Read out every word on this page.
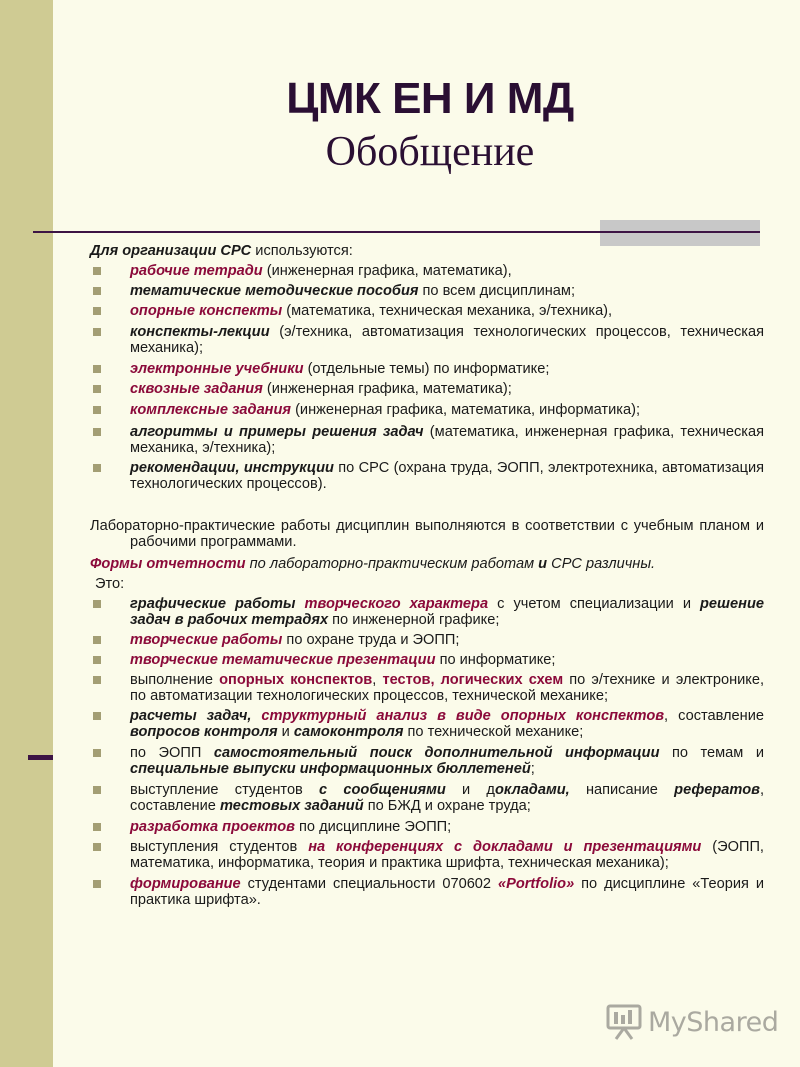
ЦМК ЕН И МД
Обобщение

Для организации СРС используются:

рабочие тетради (инженерная графика, математика),

тематические методические пособия по всем дисциплинам;

опорные конспекты (математика, техническая механика, э/техника),

конспекты-лекции (э/техника, автоматизация технологических процессов, техническая механика);

электронные учебники (отдельные темы) по информатике;

сквозные задания (инженерная графика, математика);

комплексные задания (инженерная графика, математика, информатика);

алгоритмы и примеры решения задач (математика, инженерная графика, техническая механика, э/техника);

рекомендации, инструкции по СРС (охрана труда, ЭОПП, электротехника, автоматизация технологических процессов).

Лабораторно-практические работы дисциплин выполняются в соответствии с учебным планом и рабочими программами.

Формы отчетности по лабораторно-практическим работам и СРС различны.

Это:

графические работы творческого характера с учетом специализации и решение задач в рабочих тетрадях по инженерной графике;

творческие работы по охране труда и ЭОПП;

творческие тематические презентации по информатике;

выполнение опорных конспектов, тестов, логических схем по э/технике и электронике, по автоматизации технологических процессов, технической механике;

расчеты задач, структурный анализ в виде опорных конспектов, составление вопросов контроля и самоконтроля по технической механике;

по ЭОПП самостоятельный поиск дополнительной информации по темам и специальные выпуски информационных бюллетеней;

выступление студентов с сообщениями и докладами, написание рефератов, составление тестовых заданий по БЖД и охране труда;

разработка проектов по дисциплине ЭОПП;

выступления студентов на конференциях с докладами и презентациями (ЭОПП, математика, информатика, теория и практика шрифта, техническая механика);

формирование студентами специальности 070602 «Portfolio» по дисциплине «Теория и практика шрифта».

MyShared
